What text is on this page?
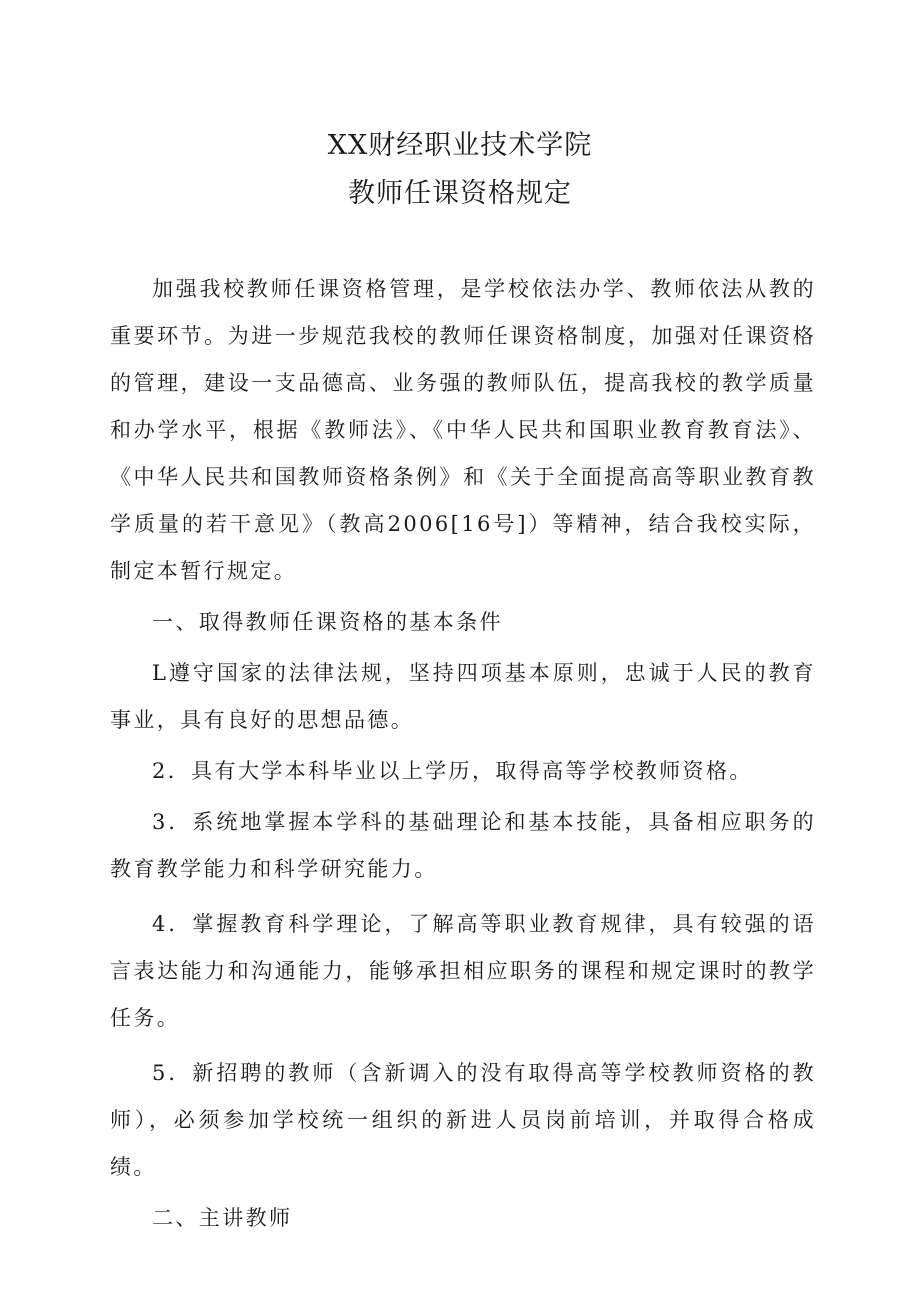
XX财经职业技术学院
教师任课资格规定

加强我校教师任课资格管理，是学校依法办学、教师依法从教的重要环节。为进一步规范我校的教师任课资格制度，加强对任课资格的管理，建设一支品德高、业务强的教师队伍，提高我校的教学质量和办学水平，根据《教师法》、《中华人民共和国职业教育教育法》、《中华人民共和国教师资格条例》和《关于全面提高高等职业教育教学质量的若干意见》（教高2006[16号]）等精神，结合我校实际，制定本暂行规定。

一、取得教师任课资格的基本条件

L遵守国家的法律法规，坚持四项基本原则，忠诚于人民的教育事业，具有良好的思想品德。

2．具有大学本科毕业以上学历，取得高等学校教师资格。

3．系统地掌握本学科的基础理论和基本技能，具备相应职务的教育教学能力和科学研究能力。

4．掌握教育科学理论，了解高等职业教育规律，具有较强的语言表达能力和沟通能力，能够承担相应职务的课程和规定课时的教学任务。

5．新招聘的教师（含新调入的没有取得高等学校教师资格的教师），必须参加学校统一组织的新进人员岗前培训，并取得合格成绩。

二、主讲教师
